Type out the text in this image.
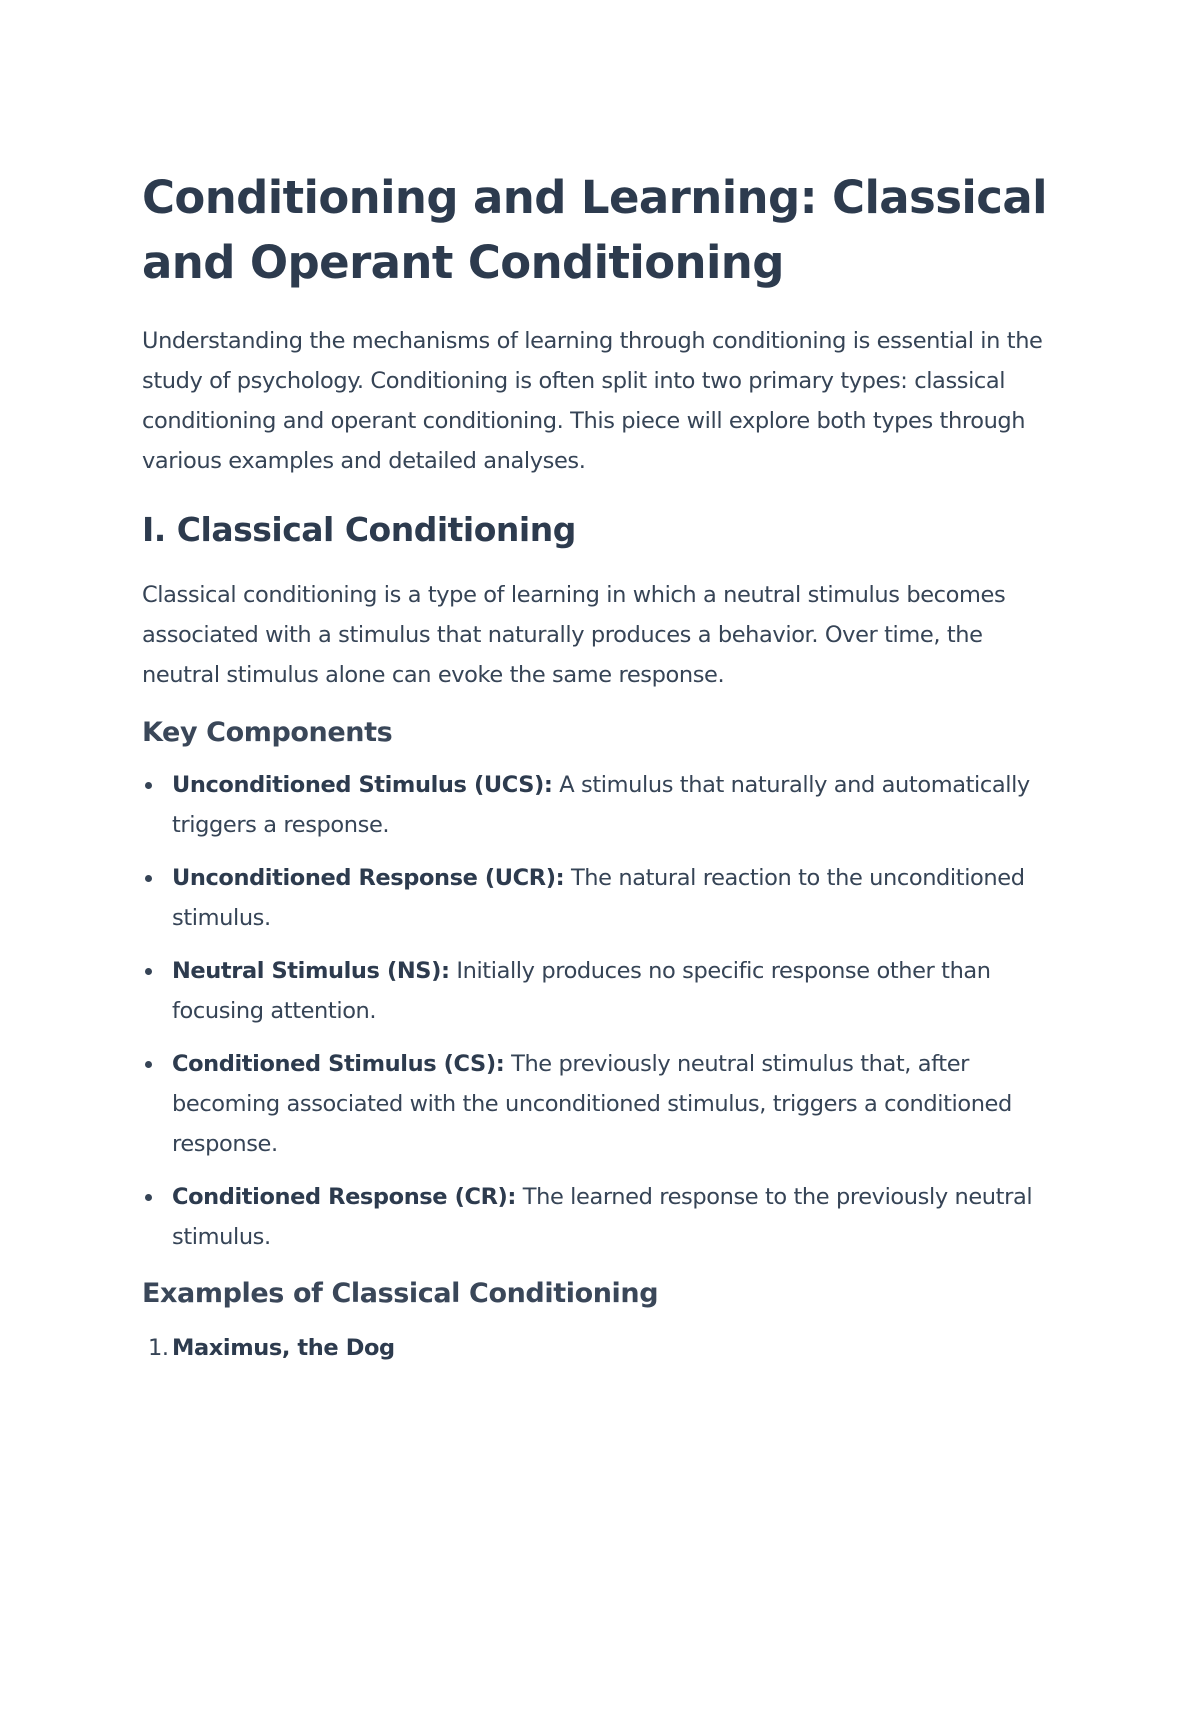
Conditioning and Learning: Classical and Operant Conditioning

Understanding the mechanisms of learning through conditioning is essential in the study of psychology. Conditioning is often split into two primary types: classical conditioning and operant conditioning. This piece will explore both types through various examples and detailed analyses.

I. Classical Conditioning

Classical conditioning is a type of learning in which a neutral stimulus becomes associated with a stimulus that naturally produces a behavior. Over time, the neutral stimulus alone can evoke the same response.

Key Components
Unconditioned Stimulus (UCS): A stimulus that naturally and automatically triggers a response.
Unconditioned Response (UCR): The natural reaction to the unconditioned stimulus.
Neutral Stimulus (NS): Initially produces no specific response other than focusing attention.
Conditioned Stimulus (CS): The previously neutral stimulus that, after becoming associated with the unconditioned stimulus, triggers a conditioned response.
Conditioned Response (CR): The learned response to the previously neutral stimulus.
Examples of Classical Conditioning
1. Maximus, the Dog
